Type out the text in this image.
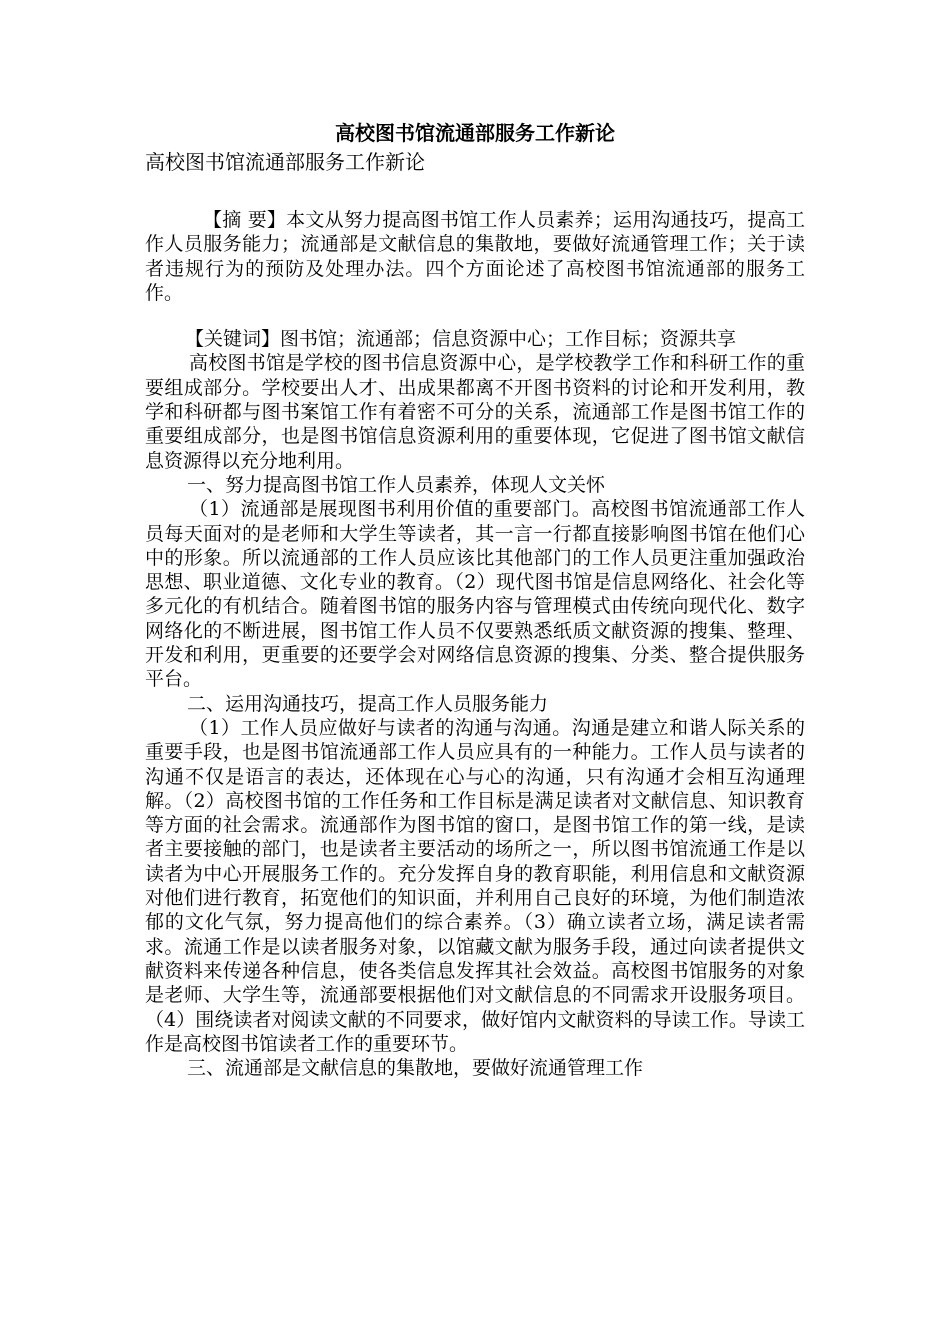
高校图书馆流通部服务工作新论
高校图书馆流通部服务工作新论

【摘 要】本文从努力提高图书馆工作人员素养；运用沟通技巧，提高工作人员服务能力；流通部是文献信息的集散地，要做好流通管理工作；关于读者违规行为的预防及处理办法。四个方面论述了高校图书馆流通部的服务工作。

【关键词】图书馆；流通部；信息资源中心；工作目标；资源共享

高校图书馆是学校的图书信息资源中心，是学校教学工作和科研工作的重要组成部分。学校要出人才、出成果都离不开图书资料的讨论和开发利用，教学和科研都与图书案馆工作有着密不可分的关系，流通部工作是图书馆工作的重要组成部分，也是图书馆信息资源利用的重要体现，它促进了图书馆文献信息资源得以充分地利用。

一、努力提高图书馆工作人员素养，体现人文关怀

（1）流通部是展现图书利用价值的重要部门。高校图书馆流通部工作人员每天面对的是老师和大学生等读者，其一言一行都直接影响图书馆在他们心中的形象。所以流通部的工作人员应该比其他部门的工作人员更注重加强政治思想、职业道德、文化专业的教育。（2）现代图书馆是信息网络化、社会化等多元化的有机结合。随着图书馆的服务内容与管理模式由传统向现代化、数字网络化的不断进展，图书馆工作人员不仅要熟悉纸质文献资源的搜集、整理、开发和利用，更重要的还要学会对网络信息资源的搜集、分类、整合提供服务平台。

二、运用沟通技巧，提高工作人员服务能力

（1）工作人员应做好与读者的沟通与沟通。沟通是建立和谐人际关系的重要手段，也是图书馆流通部工作人员应具有的一种能力。工作人员与读者的沟通不仅是语言的表达，还体现在心与心的沟通，只有沟通才会相互沟通理解。（2）高校图书馆的工作任务和工作目标是满足读者对文献信息、知识教育等方面的社会需求。流通部作为图书馆的窗口，是图书馆工作的第一线，是读者主要接触的部门，也是读者主要活动的场所之一，所以图书馆流通工作是以读者为中心开展服务工作的。充分发挥自身的教育职能，利用信息和文献资源对他们进行教育，拓宽他们的知识面，并利用自己良好的环境，为他们制造浓郁的文化气氛，努力提高他们的综合素养。（3）确立读者立场，满足读者需求。流通工作是以读者服务对象，以馆藏文献为服务手段，通过向读者提供文献资料来传递各种信息，使各类信息发挥其社会效益。高校图书馆服务的对象是老师、大学生等，流通部要根据他们对文献信息的不同需求开设服务项目。（4）围绕读者对阅读文献的不同要求，做好馆内文献资料的导读工作。导读工作是高校图书馆读者工作的重要环节。

三、流通部是文献信息的集散地，要做好流通管理工作
